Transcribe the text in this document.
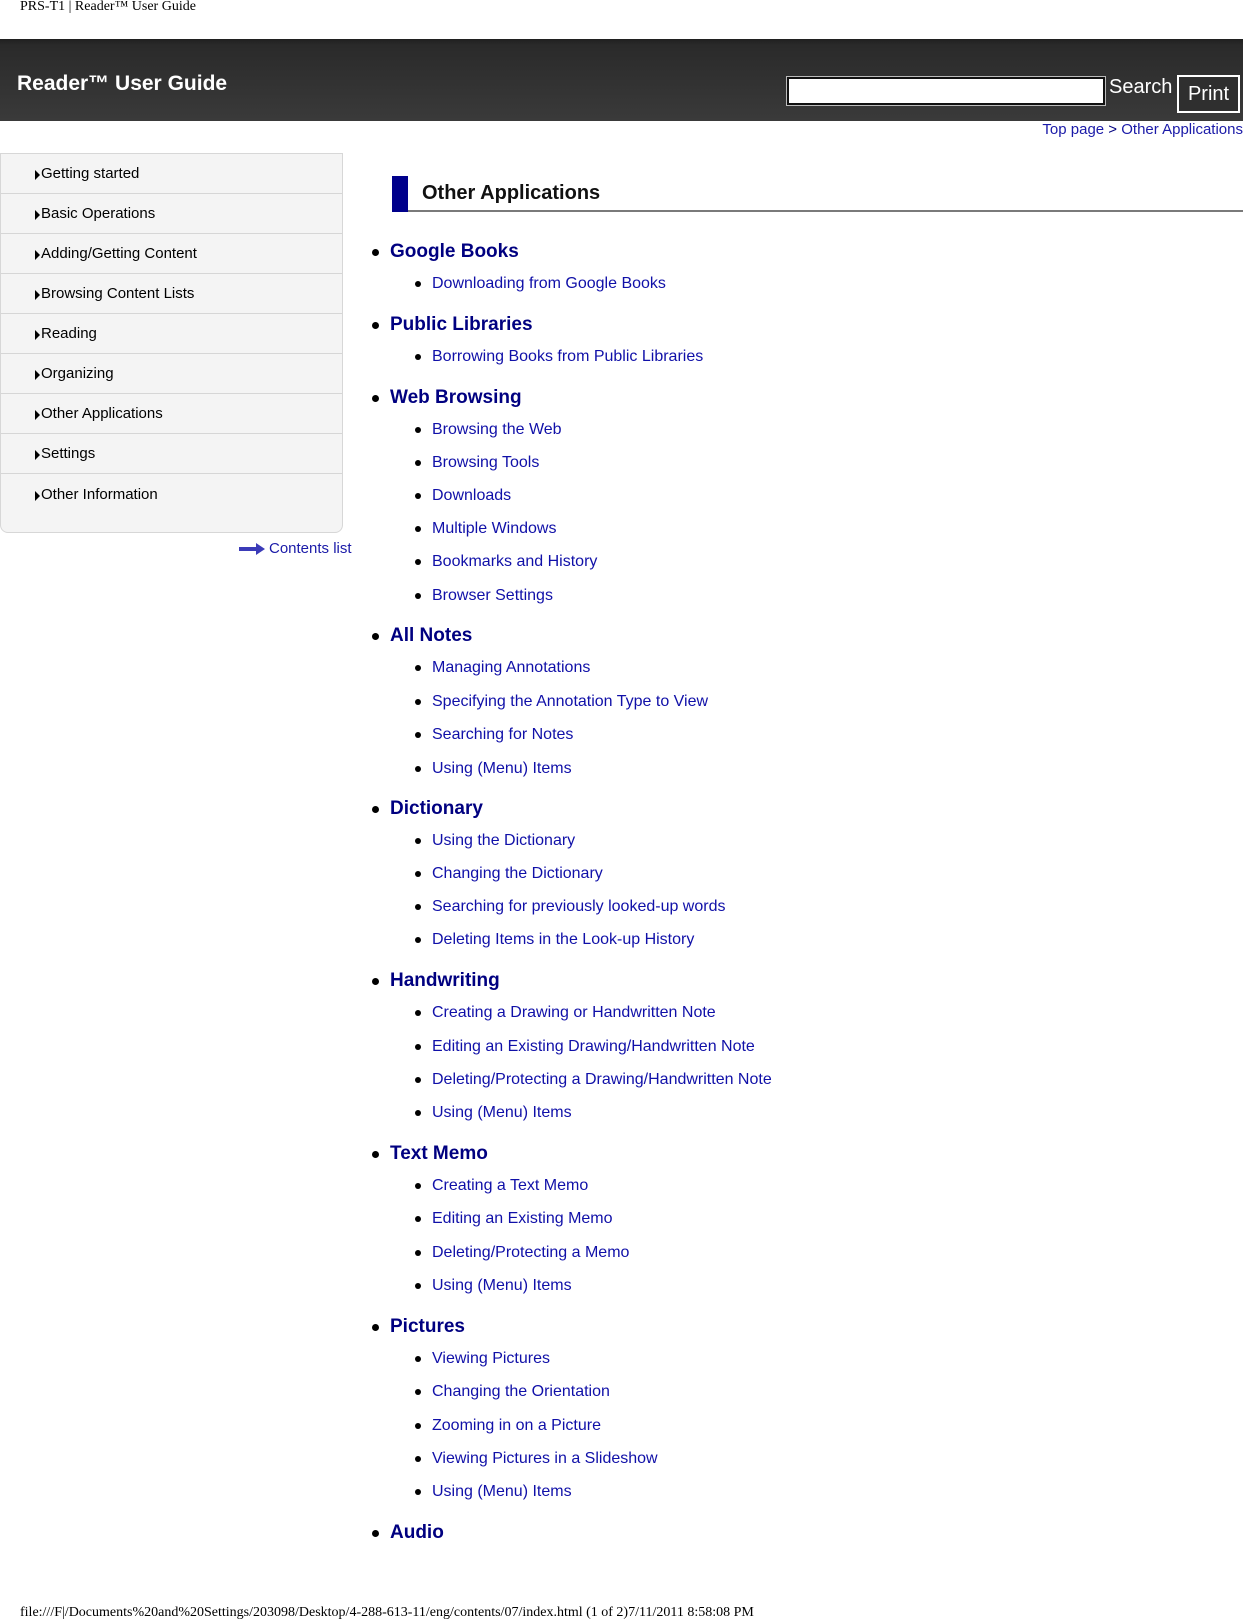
PRS-T1 | Reader™ User Guide
Reader™ User Guide	Search Print
Top page > Other Applications
Getting started
Basic Operations
Adding/Getting Content
Browsing Content Lists
Reading
Organizing
Other Applications
Settings
Other Information
Contents list
Other Applications
Google Books
Downloading from Google Books
Public Libraries
Borrowing Books from Public Libraries
Web Browsing
Browsing the Web
Browsing Tools
Downloads
Multiple Windows
Bookmarks and History
Browser Settings
All Notes
Managing Annotations
Specifying the Annotation Type to View
Searching for Notes
Using (Menu) Items
Dictionary
Using the Dictionary
Changing the Dictionary
Searching for previously looked-up words
Deleting Items in the Look-up History
Handwriting
Creating a Drawing or Handwritten Note
Editing an Existing Drawing/Handwritten Note
Deleting/Protecting a Drawing/Handwritten Note
Using (Menu) Items
Text Memo
Creating a Text Memo
Editing an Existing Memo
Deleting/Protecting a Memo
Using (Menu) Items
Pictures
Viewing Pictures
Changing the Orientation
Zooming in on a Picture
Viewing Pictures in a Slideshow
Using (Menu) Items
Audio
file:///F|/Documents%20and%20Settings/203098/Desktop/4-288-613-11/eng/contents/07/index.html (1 of 2)7/11/2011 8:58:08 PM
